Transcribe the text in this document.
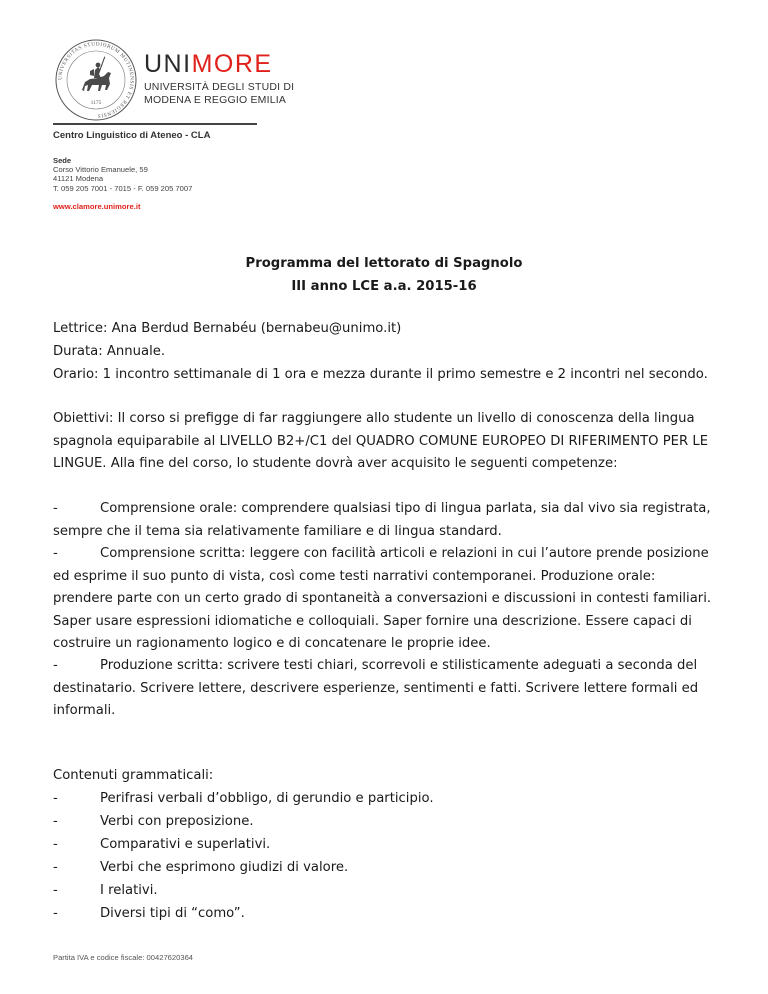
UNIVERSITAS STUDIORUM MUTINENSIS ET REGIENSIS
1175
UNIMORE
UNIVERSITÀ DEGLI STUDI DI
MODENA E REGGIO EMILIA
Centro Linguistico di Ateneo - CLA
Sede
Corso Vittorio Emanuele, 59
41121 Modena
T. 059 205 7001 - 7015 - F. 059 205 7007
www.clamore.unimore.it
Programma del lettorato di Spagnolo
III anno LCE a.a. 2015-16
Lettrice: Ana Berdud Bernabéu (bernabeu@unimo.it)
Durata: Annuale.
Orario: 1 incontro settimanale di 1 ora e mezza durante il primo semestre e 2 incontri nel secondo.
Obiettivi: Il corso si prefigge di far raggiungere allo studente un livello di conoscenza della lingua spagnola equiparabile al LIVELLO B2+/C1 del QUADRO COMUNE EUROPEO DI RIFERIMENTO PER LE LINGUE. Alla fine del corso, lo studente dovrà aver acquisito le seguenti competenze:
-	Comprensione orale: comprendere qualsiasi tipo di lingua parlata, sia dal vivo sia registrata, sempre che il tema sia relativamente familiare e di lingua standard.
-	Comprensione scritta: leggere con facilità articoli e relazioni in cui l’autore prende posizione ed esprime il suo punto di vista, così come testi narrativi contemporanei. Produzione orale: prendere parte con un certo grado di spontaneità a conversazioni e discussioni in contesti familiari. Saper usare espressioni idiomatiche e colloquiali. Saper fornire una descrizione. Essere capaci di costruire un ragionamento logico e di concatenare le proprie idee.
-	Produzione scritta: scrivere testi chiari, scorrevoli e stilisticamente adeguati a seconda del destinatario. Scrivere lettere, descrivere esperienze, sentimenti e fatti. Scrivere lettere formali ed informali.
Contenuti grammaticali:
-	Perifrasi verbali d’obbligo, di gerundio e participio.
-	Verbi con preposizione.
-	Comparativi e superlativi.
-	Verbi che esprimono giudizi di valore.
-	I relativi.
-	Diversi tipi di “como”.
Partita IVA e codice fiscale: 00427620364
